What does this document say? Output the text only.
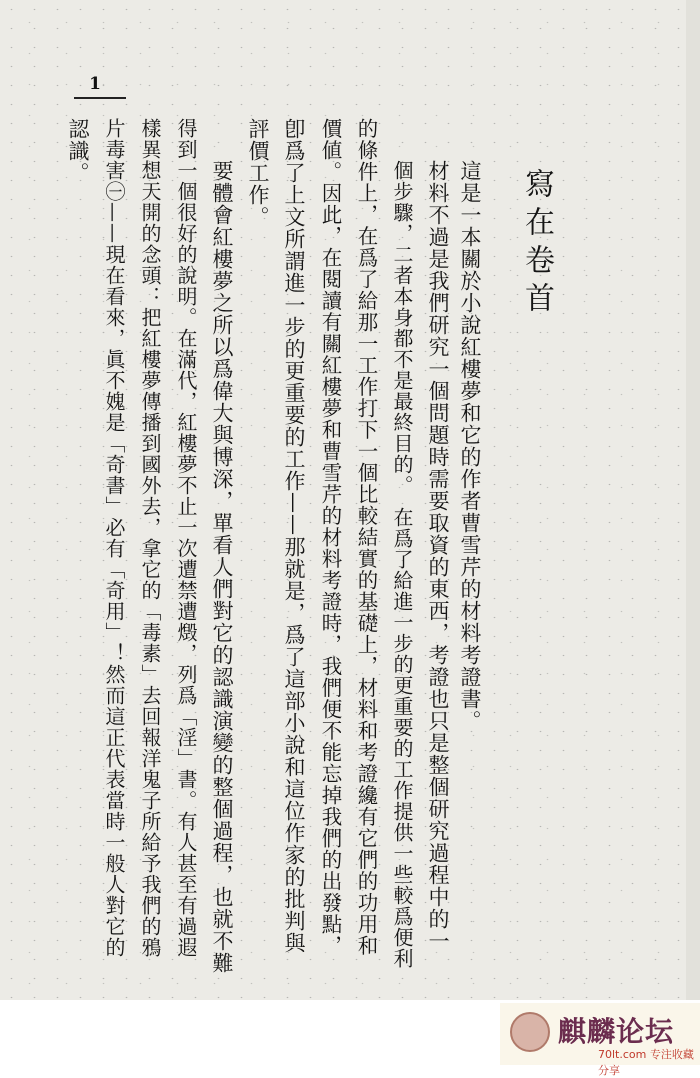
1
寫在卷首
這是一本關於小說紅樓夢和它的作者曹雪芹的材料考證書。
材料不過是我們研究一個問題時需要取資的東西，考證也只是整個研究過程中的一
個步驟，二者本身都不是最終目的。　在爲了給進一步的更重要的工作提供一些較爲便利
的條件上，在爲了給那一工作打下一個比較結實的基礎上，材料和考證纔有它們的功用和
價値。因此，在閱讀有關紅樓夢和曹雪芹的材料考證時，我們便不能忘掉我們的出發點，
卽爲了上文所謂進一步的更重要的工作——那就是，爲了這部小說和這位作家的批判與
評價工作。
要體會紅樓夢之所以爲偉大與博深，單看人們對它的認識演變的整個過程，也就不難
得到一個很好的說明。在滿代，紅樓夢不止一次遭禁遭燬，列爲「淫」書。有人甚至有過遐
樣異想天開的念頭：把紅樓夢傳播到國外去，拿它的「毒素」去回報洋鬼子所給予我們的鴉
片毒害㊀——現在看來，眞不媿是「奇書」必有「奇用」！然而這正代表當時一般人對它的
認識。
麒麟论坛
70lt.com 专注收藏分享
